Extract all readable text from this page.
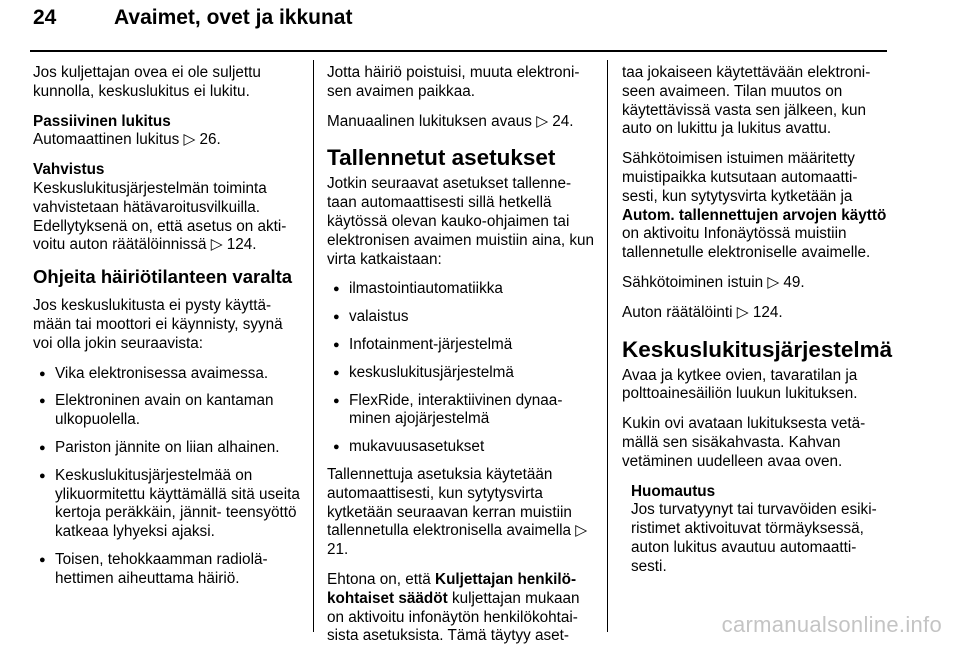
24	Avaimet, ovet ja ikkunat

Jos kuljettajan ovea ei ole suljettu kunnolla, keskuslukitus ei lukitu.

Passiivinen lukitus
Automaattinen lukitus ▷ 26.

Vahvistus
Keskuslukitusjärjestelmän toiminta vahvistetaan hätävaroitusvilkuilla. Edellytyksenä on, että asetus on akti- voitu auton räätälöinnissä ▷ 124.

Ohjeita häiriötilanteen varalta

Jos keskuslukitusta ei pysty käyttä- mään tai moottori ei käynnisty, syynä voi olla jokin seuraavista:

● Vika elektronisessa avaimessa.
● Elektroninen avain on kantaman ulkopuolella.
● Pariston jännite on liian alhainen.
● Keskuslukitusjärjestelmää on ylikuormitettu käyttämällä sitä useita kertoja peräkkäin, jännit- teensyöttö katkeaa lyhyeksi ajaksi.
● Toisen, tehokkaamman radiolä- hettimen aiheuttama häiriö.

Jotta häiriö poistuisi, muuta elektroni- sen avaimen paikkaa.

Manuaalinen lukituksen avaus ▷ 24.

Tallennetut asetukset

Jotkin seuraavat asetukset tallenne- taan automaattisesti sillä hetkellä käytössä olevan kauko-ohjaimen tai elektronisen avaimen muistiin aina, kun virta katkaistaan:

● ilmastointiautomatiikka
● valaistus
● Infotainment-järjestelmä
● keskuslukitusjärjestelmä
● FlexRide, interaktiivinen dynaa- minen ajojärjestelmä
● mukavuusasetukset

Tallennettuja asetuksia käytetään automaattisesti, kun sytytysvirta kytketään seuraavan kerran muistiin tallennetulla elektronisella avaimella ▷ 21.

Ehtona on, että Kuljettajan henkilö- kohtaiset säädöt kuljettajan mukaan on aktivoitu infonäytön henkilökohtai- sista asetuksista. Tämä täytyy aset-

taa jokaiseen käytettävään elektroni- seen avaimeen. Tilan muutos on käytettävissä vasta sen jälkeen, kun auto on lukittu ja lukitus avattu.

Sähkötoimisen istuimen määritetty muistipaikka kutsutaan automaatti- sesti, kun sytytysvirta kytketään ja Autom. tallennettujen arvojen käyttö on aktivoitu Infonäytössä muistiin tallennetulle elektroniselle avaimelle.

Sähkötoiminen istuin ▷ 49.

Auton räätälöinti ▷ 124.

Keskuslukitusjärjestelmä

Avaa ja kytkee ovien, tavaratilan ja polttoainesäiliön luukun lukituksen.

Kukin ovi avataan lukituksesta vetä- mällä sen sisäkahvasta. Kahvan vetäminen uudelleen avaa oven.

Huomautus
Jos turvatyynyt tai turvavöiden esiki- ristimet aktivoituvat törmäyksessä, auton lukitus avautuu automaatti- sesti.
carmanualsonline.info
